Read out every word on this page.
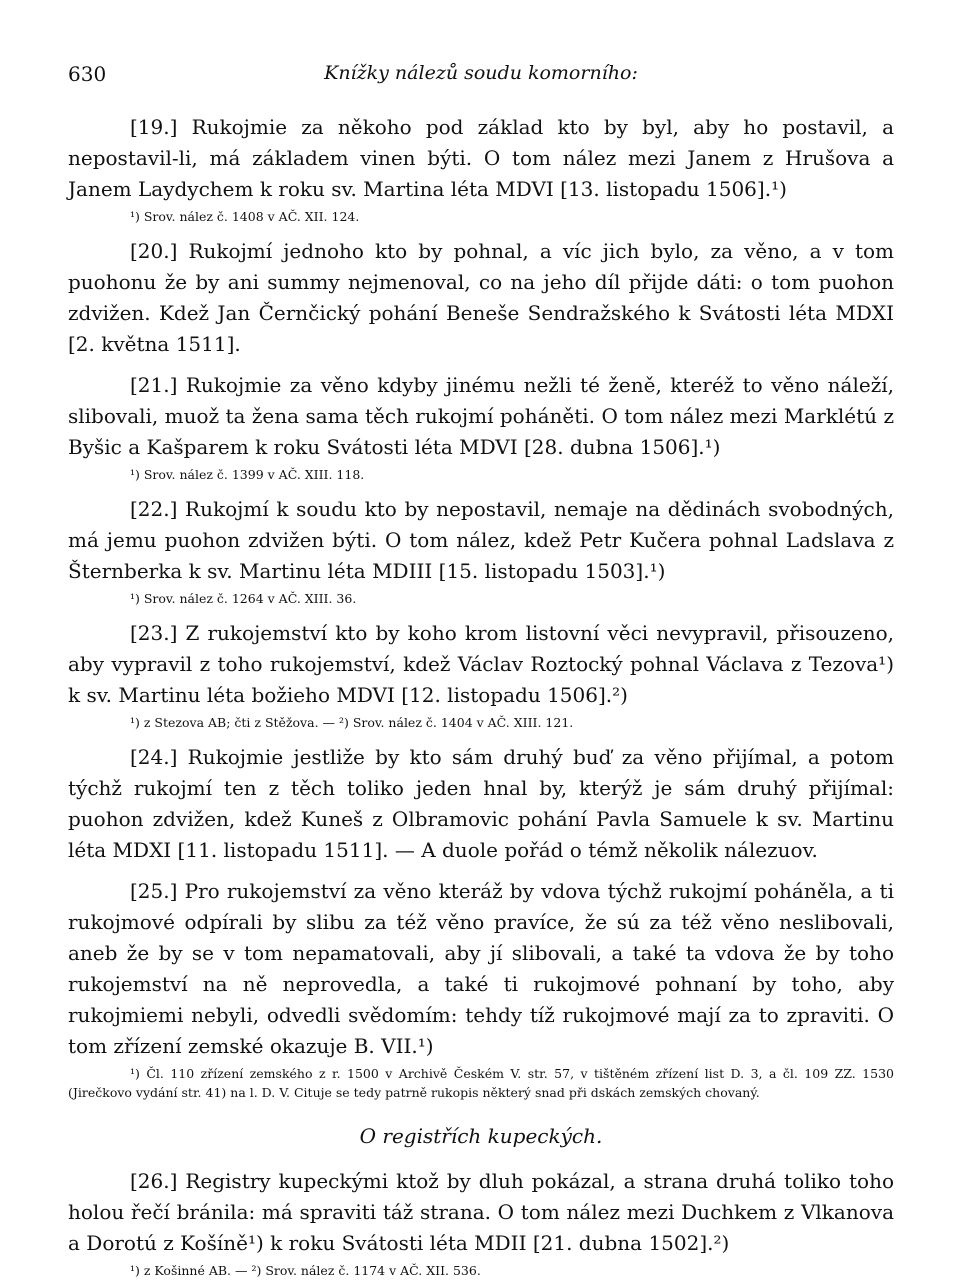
630	Knížky nálezů soudu komorního:

[19.] Rukojmie za někoho pod základ kto by byl, aby ho postavil, a nepostavil-li, má základem vinen býti. O tom nález mezi Janem z Hrušova a Janem Laydychem k roku sv. Martina léta MDVI [13. listopadu 1506].¹)

¹) Srov. nález č. 1408 v AČ. XII. 124.

[20.] Rukojmí jednoho kto by pohnal, a víc jich bylo, za věno, a v tom puohonu že by ani summy nejmenoval, co na jeho díl přijde dáti: o tom puohon zdvižen. Kdež Jan Černčický pohání Beneše Sendražského k Svátosti léta MDXI [2. května 1511].

[21.] Rukojmie za věno kdyby jinému nežli té ženě, kteréž to věno náleží, slibovali, muož ta žena sama těch rukojmí poháněti. O tom nález mezi Marklétú z Byšic a Kašparem k roku Svátosti léta MDVI [28. dubna 1506].¹)

¹) Srov. nález č. 1399 v AČ. XIII. 118.

[22.] Rukojmí k soudu kto by nepostavil, nemaje na dědinách svobodných, má jemu puohon zdvižen býti. O tom nález, kdež Petr Kučera pohnal Ladslava z Šternberka k sv. Martinu léta MDIII [15. listopadu 1503].¹)

¹) Srov. nález č. 1264 v AČ. XIII. 36.

[23.] Z rukojemství kto by koho krom listovní věci nevypravil, přisouzeno, aby vypravil z toho rukojemství, kdež Václav Roztocký pohnal Václava z Tezova¹) k sv. Martinu léta božieho MDVI [12. listopadu 1506].²)

¹) z Stezova AB; čti z Stěžova. — ²) Srov. nález č. 1404 v AČ. XIII. 121.

[24.] Rukojmie jestliže by kto sám druhý buď za věno přijímal, a potom týchž rukojmí ten z těch toliko jeden hnal by, kterýž je sám druhý přijímal: puohon zdvižen, kdež Kuneš z Olbramovic pohání Pavla Samuele k sv. Martinu léta MDXI [11. listopadu 1511]. — A duole pořád o témž několik nálezuov.

[25.] Pro rukojemství za věno kteráž by vdova týchž rukojmí poháněla, a ti rukojmové odpírali by slibu za též věno pravíce, že sú za též věno neslibovali, aneb že by se v tom nepamatovali, aby jí slibovali, a také ta vdova že by toho rukojemství na ně neprovedla, a také ti rukojmové pohnaní by toho, aby rukojmiemi nebyli, odvedli svědomím: tehdy tíž rukojmové mají za to zpraviti. O tom zřízení zemské okazuje B. VII.¹)

¹) Čl. 110 zřízení zemského z r. 1500 v Archivě Českém V. str. 57, v tištěném zřízení list D. 3, a čl. 109 ZZ. 1530 (Jirečkovo vydání str. 41) na l. D. V. Cituje se tedy patrně rukopis některý snad při dskách zemských chovaný.
O registřích kupeckých.

[26.] Registry kupeckými ktož by dluh pokázal, a strana druhá toliko toho holou řečí bránila: má spraviti táž strana. O tom nález mezi Duchkem z Vlkanova a Dorotú z Košíně¹) k roku Svátosti léta MDII [21. dubna 1502].²)

¹) z Košinné AB. — ²) Srov. nález č. 1174 v AČ. XII. 536.
